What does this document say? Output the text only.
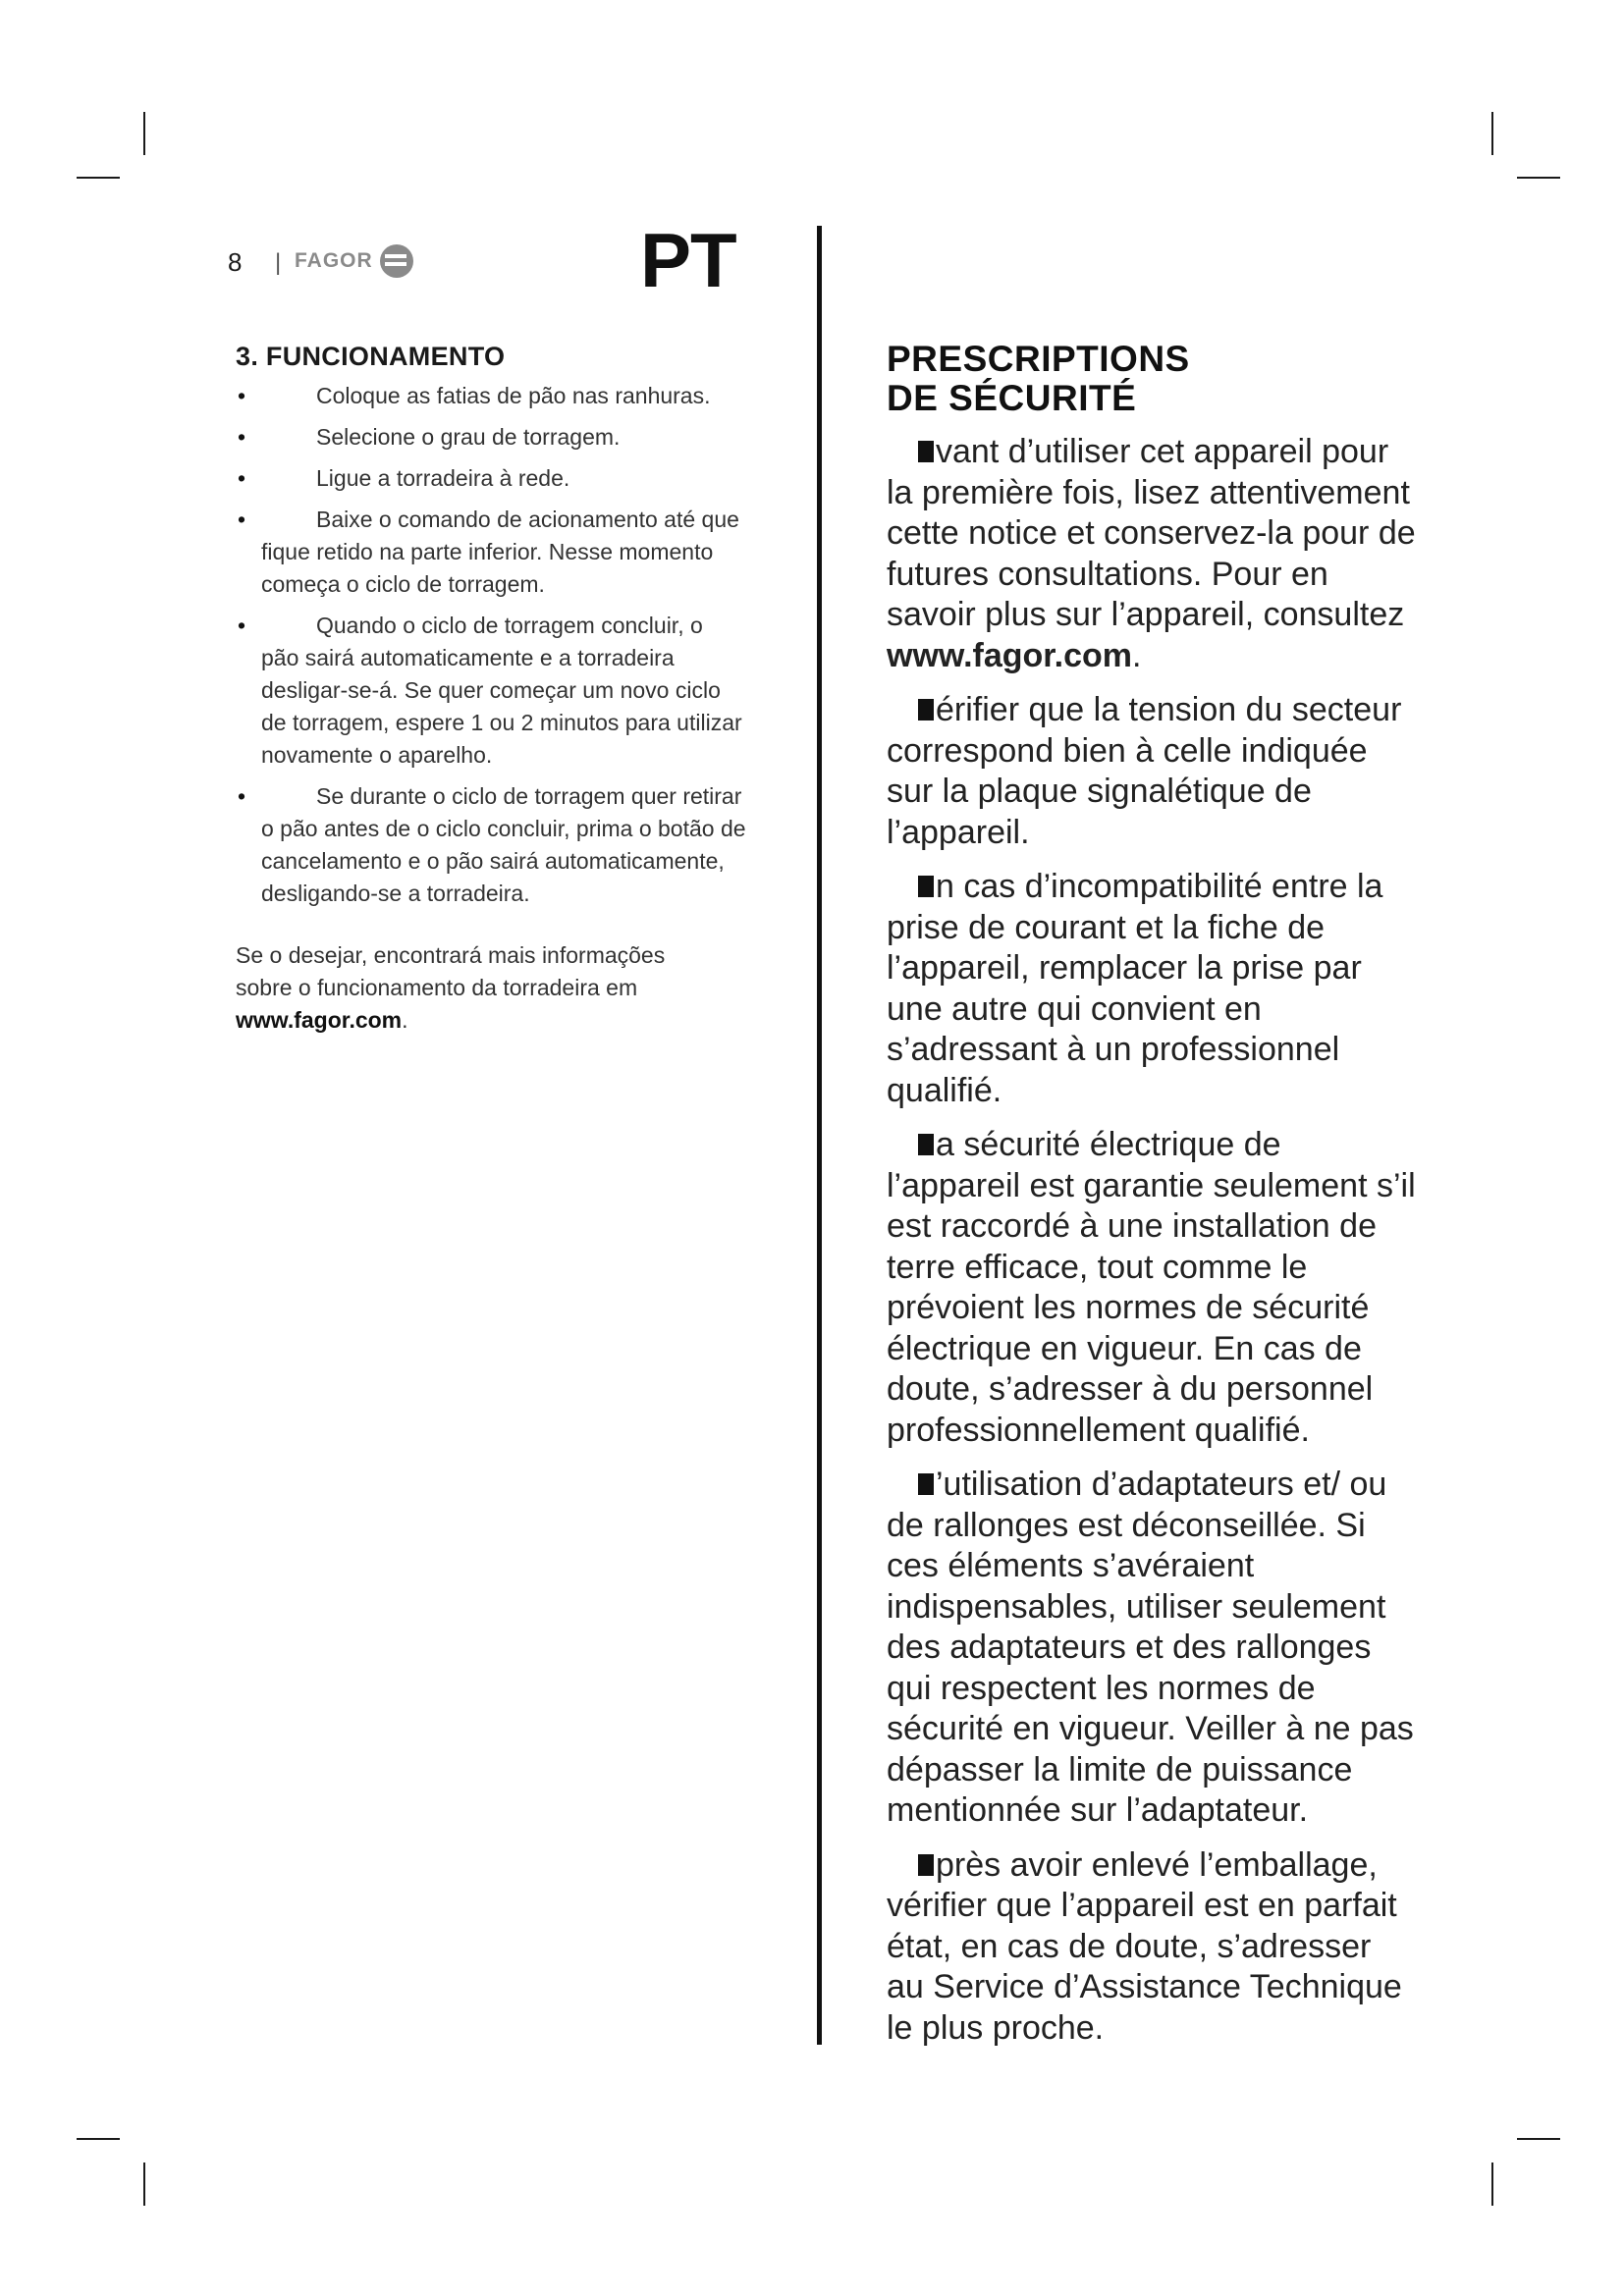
8 | FAGOR	PT
3. FUNCIONAMENTO
•	Coloque as fatias de pão nas ranhuras.
•	Selecione o grau de torragem.
•	Ligue a torradeira à rede.
•	Baixe o comando de acionamento até que fique retido na parte inferior. Nesse momento começa o ciclo de torragem.
•	Quando o ciclo de torragem concluir, o pão sairá automaticamente e a torradeira desligar-se-á. Se quer começar um novo ciclo de torragem, espere 1 ou 2 minutos para utilizar novamente o aparelho.
•	Se durante o ciclo de torragem quer retirar o pão antes de o ciclo concluir, prima o botão de cancelamento e o pão sairá automaticamente, desligando-se a torradeira.

Se o desejar, encontrará mais informações sobre o funcionamento da torradeira em www.fagor.com.

PRESCRIPTIONS
DE SÉCURITÉ

vant d’utiliser cet appareil pour la première fois, lisez attentivement cette notice et conservez-la pour de futures consultations. Pour en savoir plus sur l’appareil, consultez www.fagor.com.

érifier que la tension du secteur correspond bien à celle indiquée sur la plaque signalétique de l’appareil.

n cas d’incompatibilité entre la prise de courant et la fiche de l’appareil, remplacer la prise par une autre qui convient en s’adressant à un professionnel qualifié.

a sécurité électrique de l’appareil est garantie seulement s’il est raccordé à une installation de terre efficace, tout comme le prévoient les normes de sécurité électrique en vigueur. En cas de doute, s’adresser à du personnel professionnellement qualifié.

’utilisation d’adaptateurs et/ ou de rallonges est déconseillée. Si ces éléments s’avéraient indispensables, utiliser seulement des adaptateurs et des rallonges qui respectent les normes de sécurité en vigueur. Veiller à ne pas dépasser la limite de puissance mentionnée sur l’adaptateur.

près avoir enlevé l’emballage, vérifier que l’appareil est en parfait état, en cas de doute, s’adresser au Service d’Assistance Technique le plus proche.
